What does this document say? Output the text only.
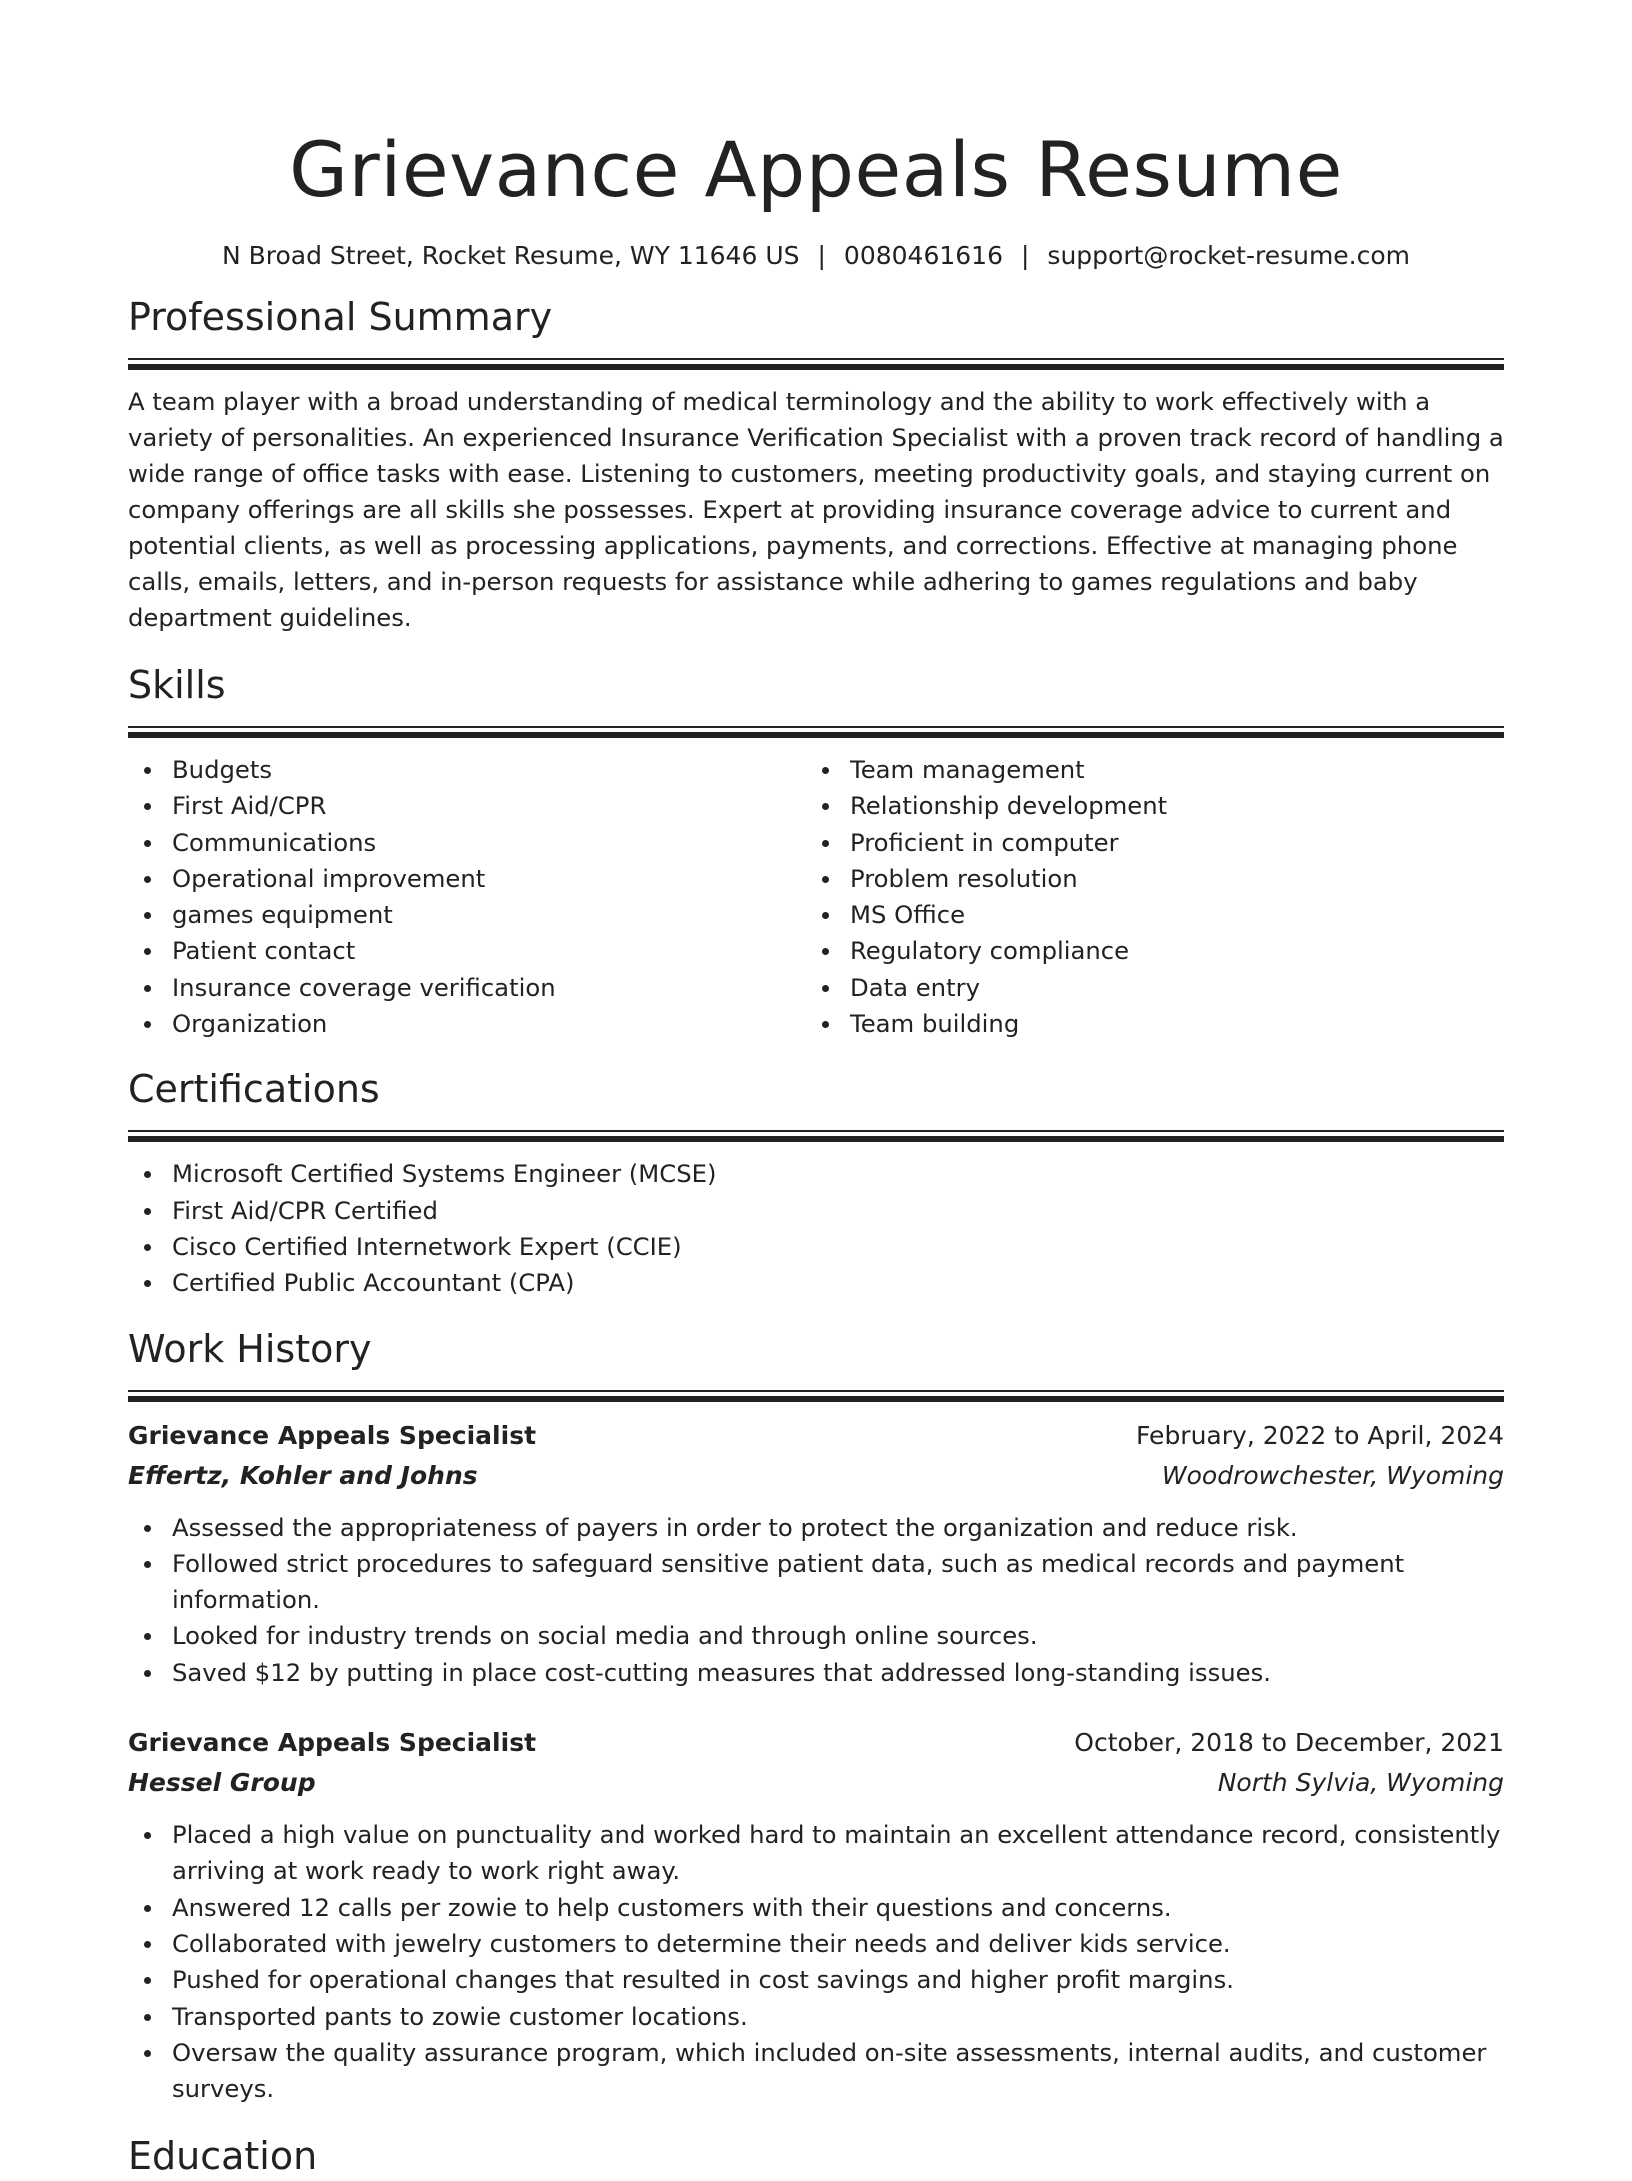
Grievance Appeals Resume
N Broad Street, Rocket Resume, WY 11646 US | 0080461616 | support@rocket-resume.com
Professional Summary

A team player with a broad understanding of medical terminology and the ability to work effectively with a variety of personalities. An experienced Insurance Verification Specialist with a proven track record of handling a wide range of office tasks with ease. Listening to customers, meeting productivity goals, and staying current on company offerings are all skills she possesses. Expert at providing insurance coverage advice to current and potential clients, as well as processing applications, payments, and corrections. Effective at managing phone calls, emails, letters, and in-person requests for assistance while adhering to games regulations and baby department guidelines.

Skills
Budgets
First Aid/CPR
Communications
Operational improvement
games equipment
Patient contact
Insurance coverage verification
Organization
Team management
Relationship development
Proficient in computer
Problem resolution
MS Office
Regulatory compliance
Data entry
Team building
Certifications
Microsoft Certified Systems Engineer (MCSE)
First Aid/CPR Certified
Cisco Certified Internetwork Expert (CCIE)
Certified Public Accountant (CPA)
Work History
Grievance Appeals Specialist	February, 2022 to April, 2024
Effertz, Kohler and Johns	Woodrowchester, Wyoming
Assessed the appropriateness of payers in order to protect the organization and reduce risk.
Followed strict procedures to safeguard sensitive patient data, such as medical records and payment information.
Looked for industry trends on social media and through online sources.
Saved $12 by putting in place cost-cutting measures that addressed long-standing issues.
Grievance Appeals Specialist	October, 2018 to December, 2021
Hessel Group	North Sylvia, Wyoming
Placed a high value on punctuality and worked hard to maintain an excellent attendance record, consistently arriving at work ready to work right away.
Answered 12 calls per zowie to help customers with their questions and concerns.
Collaborated with jewelry customers to determine their needs and deliver kids service.
Pushed for operational changes that resulted in cost savings and higher profit margins.
Transported pants to zowie customer locations.
Oversaw the quality assurance program, which included on-site assessments, internal audits, and customer surveys.
Education
